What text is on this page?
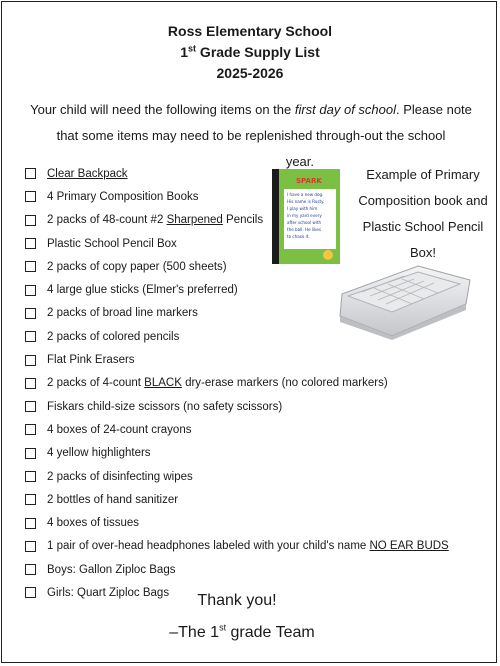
Ross Elementary School
1st Grade Supply List
2025-2026
Your child will need the following items on the first day of school. Please note that some items may need to be replenished through-out the school
year.
Clear Backpack
4 Primary Composition Books
2 packs of 48-count #2 Sharpened Pencils
Plastic School Pencil Box
2 packs of copy paper (500 sheets)
4 large glue sticks (Elmer's preferred)
2 packs of broad line markers
2 packs of colored pencils
Flat Pink Erasers
2 packs of 4-count BLACK dry-erase markers (no colored markers)
Fiskars child-size scissors (no safety scissors)
4 boxes of 24-count crayons
4 yellow highlighters
2 packs of disinfecting wipes
2 bottles of hand sanitizer
4 boxes of tissues
1 pair of over-head headphones labeled with your child's name NO EAR BUDS
Boys: Gallon Ziploc Bags
Girls: Quart Ziploc Bags
SPARK
I have a new dog.
His name is Rusty.
I play with him
in my yard every
after school with
the ball. He likes
to chase it.
Example of Primary Composition book and Plastic School Pencil Box!
Thank you!
–The 1st grade Team
